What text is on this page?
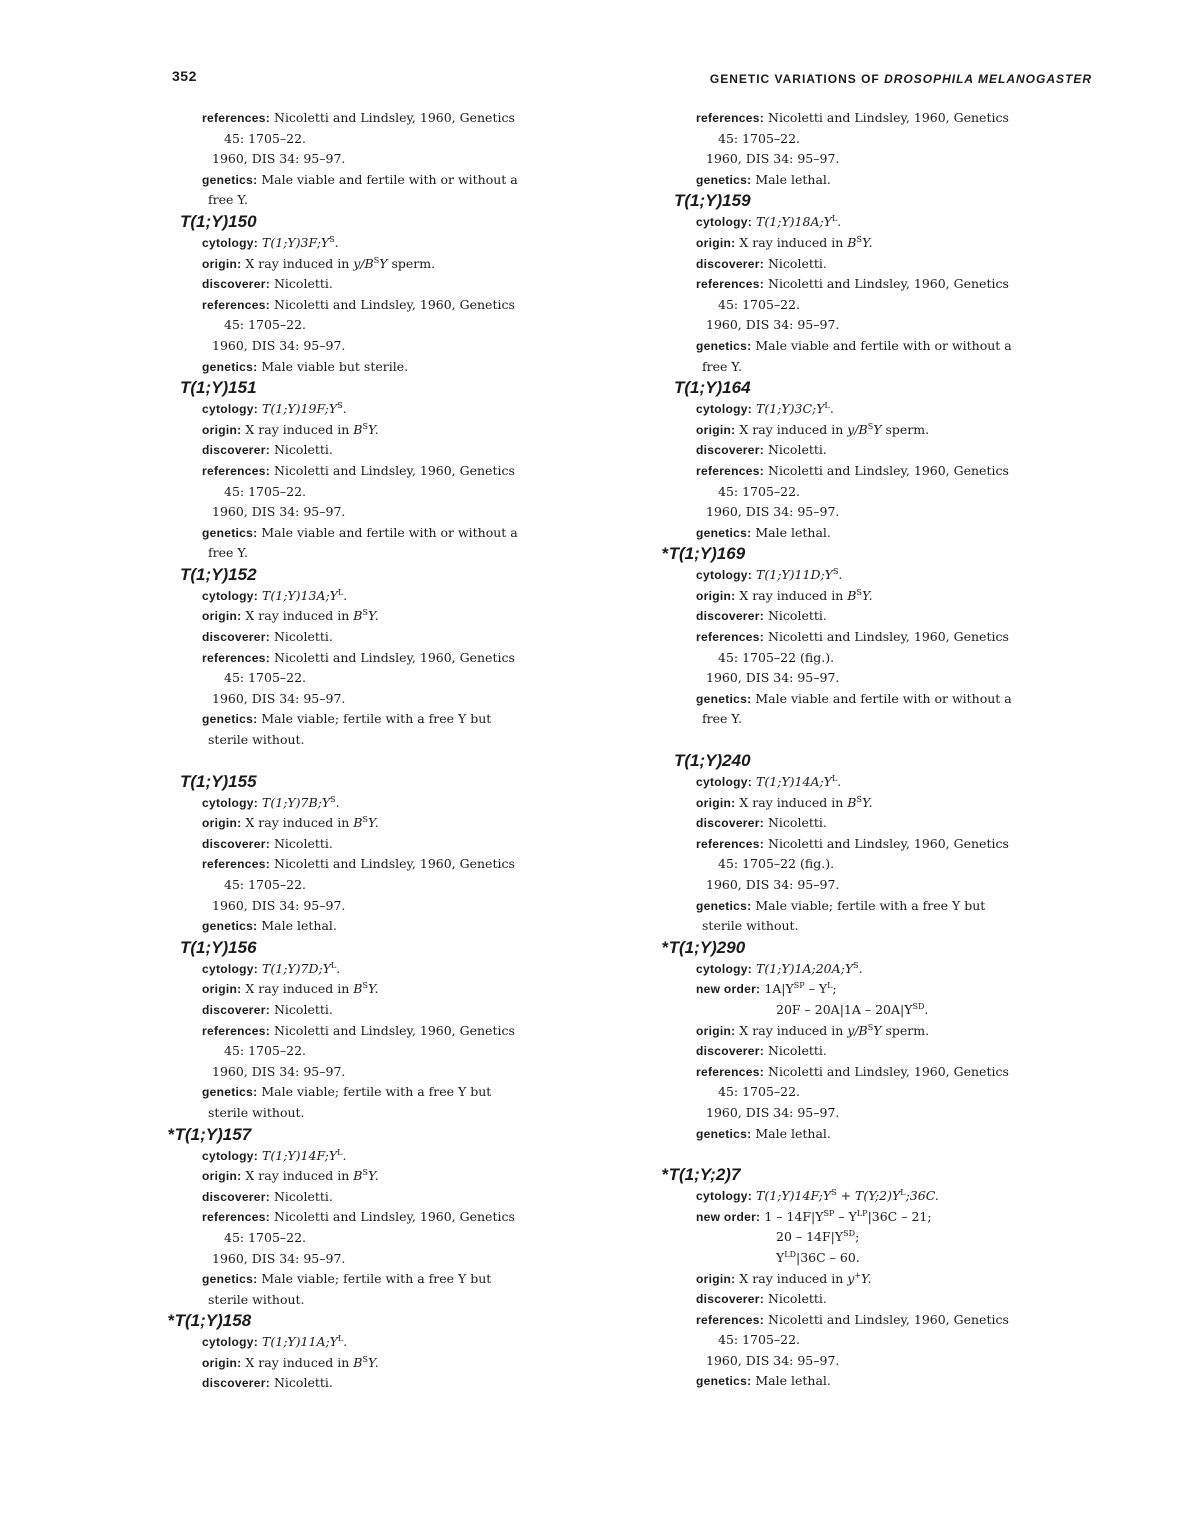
352	GENETIC VARIATIONS OF DROSOPHILA MELANOGASTER
references: Nicoletti and Lindsley, 1960, Genetics
45: 1705–22.
1960, DIS 34: 95–97.
genetics: Male viable and fertile with or without a
free Y.
T(1;Y)150
cytology: $T(1;Y)3F;Y^S$.
origin: X ray induced in $y/B^SY$ sperm.
discoverer: Nicoletti.
references: Nicoletti and Lindsley, 1960, Genetics
45: 1705–22.
1960, DIS 34: 95–97.
genetics: Male viable but sterile.
T(1;Y)151
cytology: $T(1;Y)19F;Y^S$.
origin: X ray induced in $B^SY$.
discoverer: Nicoletti.
references: Nicoletti and Lindsley, 1960, Genetics
45: 1705–22.
1960, DIS 34: 95–97.
genetics: Male viable and fertile with or without a
free Y.
T(1;Y)152
cytology: $T(1;Y)13A;Y^L$.
origin: X ray induced in $B^SY$.
discoverer: Nicoletti.
references: Nicoletti and Lindsley, 1960, Genetics
45: 1705–22.
1960, DIS 34: 95–97.
genetics: Male viable; fertile with a free Y but
sterile without.
T(1;Y)155
cytology: $T(1;Y)7B;Y^S$.
origin: X ray induced in $B^SY$.
discoverer: Nicoletti.
references: Nicoletti and Lindsley, 1960, Genetics
45: 1705–22.
1960, DIS 34: 95–97.
genetics: Male lethal.
T(1;Y)156
cytology: $T(1;Y)7D;Y^L$.
origin: X ray induced in $B^SY$.
discoverer: Nicoletti.
references: Nicoletti and Lindsley, 1960, Genetics
45: 1705–22.
1960, DIS 34: 95–97.
genetics: Male viable; fertile with a free Y but
sterile without.
*T(1;Y)157
cytology: $T(1;Y)14F;Y^L$.
origin: X ray induced in $B^SY$.
discoverer: Nicoletti.
references: Nicoletti and Lindsley, 1960, Genetics
45: 1705–22.
1960, DIS 34: 95–97.
genetics: Male viable; fertile with a free Y but
sterile without.
*T(1;Y)158
cytology: $T(1;Y)11A;Y^L$.
origin: X ray induced in $B^SY$.
discoverer: Nicoletti.
references: Nicoletti and Lindsley, 1960, Genetics
45: 1705–22.
1960, DIS 34: 95–97.
genetics: Male lethal.
T(1;Y)159
cytology: $T(1;Y)18A;Y^L$.
origin: X ray induced in $B^SY$.
discoverer: Nicoletti.
references: Nicoletti and Lindsley, 1960, Genetics
45: 1705–22.
1960, DIS 34: 95–97.
genetics: Male viable and fertile with or without a
free Y.
T(1;Y)164
cytology: $T(1;Y)3C;Y^L$.
origin: X ray induced in $y/B^SY$ sperm.
discoverer: Nicoletti.
references: Nicoletti and Lindsley, 1960, Genetics
45: 1705–22.
1960, DIS 34: 95–97.
genetics: Male lethal.
*T(1;Y)169
cytology: $T(1;Y)11D;Y^S$.
origin: X ray induced in $B^SY$.
discoverer: Nicoletti.
references: Nicoletti and Lindsley, 1960, Genetics
45: 1705–22 (fig.).
1960, DIS 34: 95–97.
genetics: Male viable and fertile with or without a
free Y.
T(1;Y)240
cytology: $T(1;Y)14A;Y^L$.
origin: X ray induced in $B^SY$.
discoverer: Nicoletti.
references: Nicoletti and Lindsley, 1960, Genetics
45: 1705–22 (fig.).
1960, DIS 34: 95–97.
genetics: Male viable; fertile with a free Y but
sterile without.
*T(1;Y)290
cytology: $T(1;Y)1A;20A;Y^S$.
new order: $1A|Y^{SP} - Y^L$;
$20F - 20A|1A - 20A|Y^{SD}$.
origin: X ray induced in $y/B^SY$ sperm.
discoverer: Nicoletti.
references: Nicoletti and Lindsley, 1960, Genetics
45: 1705–22.
1960, DIS 34: 95–97.
genetics: Male lethal.
*T(1;Y;2)7
cytology: $T(1;Y)14F;Y^S$ + $T(Y;2)Y^L;36C$.
new order: $1 - 14F|Y^{SP} - Y^{LP}|36C - 21$;
$20 - 14F|Y^{SD}$;
$Y^{LD}|36C - 60$.
origin: X ray induced in y+Y.
discoverer: Nicoletti.
references: Nicoletti and Lindsley, 1960, Genetics
45: 1705–22.
1960, DIS 34: 95–97.
genetics: Male lethal.
